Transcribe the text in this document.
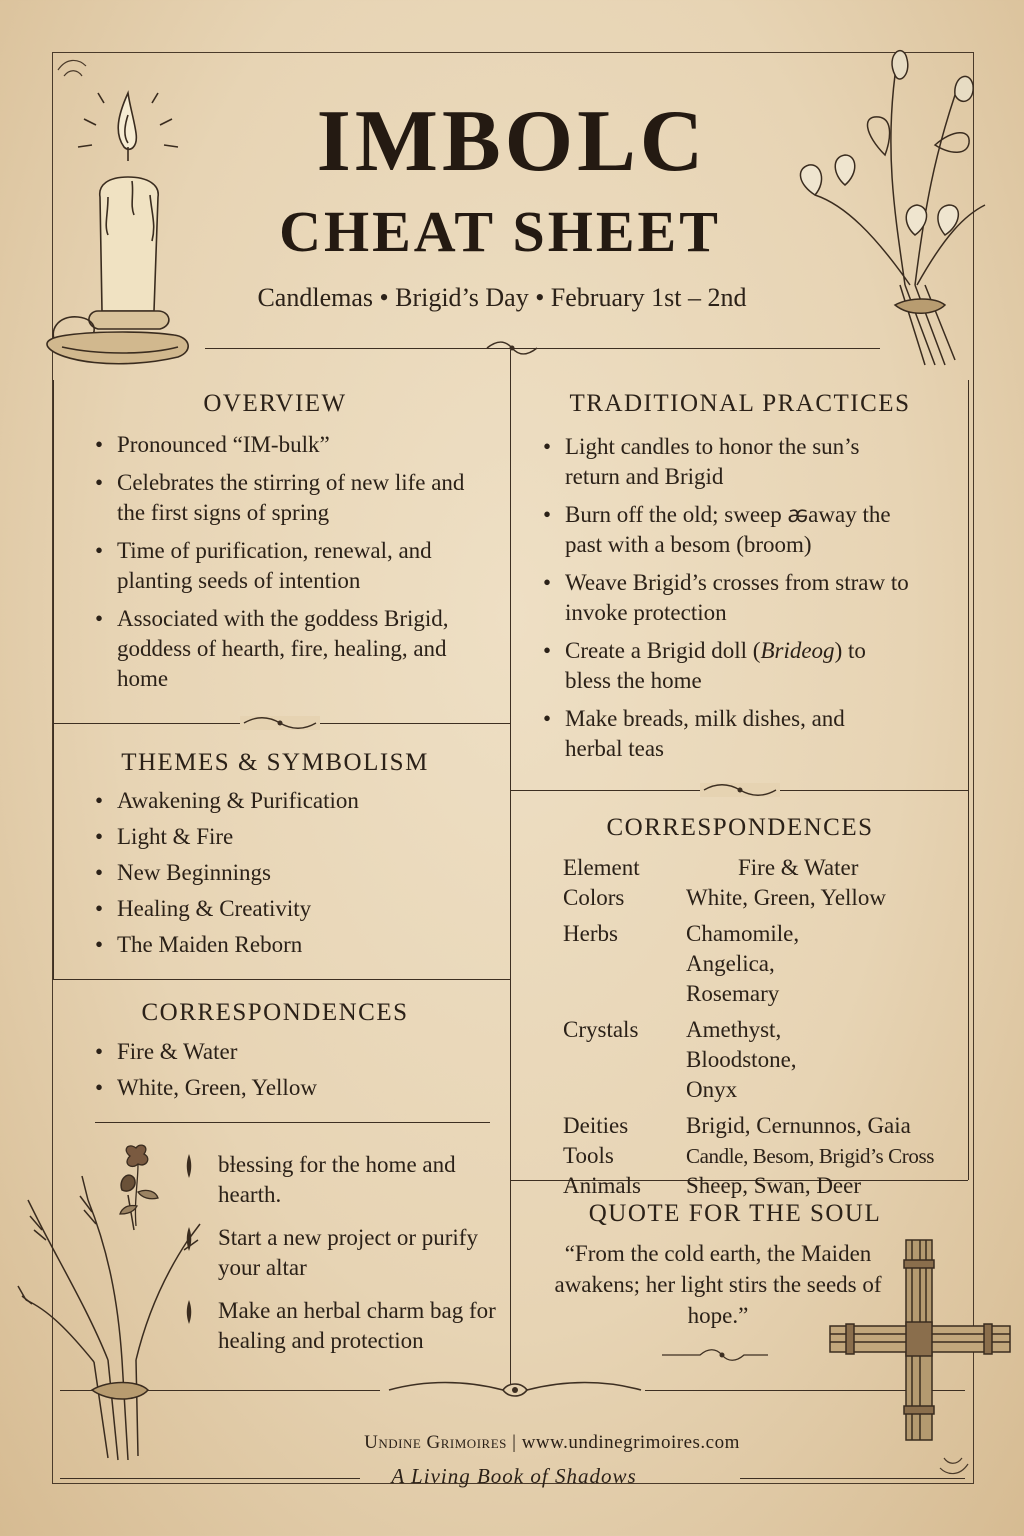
IMBOLC
CHEAT SHEET
Candlemas • Brigid’s Day • February 1st – 2nd
OVERVIEW
• Pronounced “IM-bulk”
• Celebrates the stirring of new life and the first signs of spring
• Time of purification, renewal, and planting seeds of intention
• Associated with the goddess Brigid, goddess of hearth, fire, healing, and home
TRADITIONAL PRACTICES
• Light candles to honor the sun’s return and Brigid
• Burn off the old; sweep ꬱaway the past with a besom (broom)
• Weave Brigid’s crosses from straw to invoke protection
• Create a Brigid doll (Brideog) to bless the home
• Make breads, milk dishes, and herbal teas
THEMES & SYMBOLISM
• Awakening & Purification
• Light & Fire
• New Beginnings
• Healing & Creativity
• The Maiden Reborn
CORRESPONDENCES
• Fire & Water
• White, Green, Yellow
CORRESPONDENCES
Element	Fire & Water
Colors	White, Green, Yellow
Herbs	Chamomile, Angelica, Rosemary
Crystals	Amethyst, Bloodstone, Onyx
Deities	Brigid, Cernunnos, Gaia
Tools	Candle, Besom, Brigid’s Cross
Animals	Sheep, Swan, Deer
bƚessing for the home and hearth.
Start a new project or purify your altar
Make an herbal charm bag for healing and protection
QUOTE FOR THE SOUL
“From the cold earth, the Maiden awakens; her light stirs the seeds of hope.”
Undine Grimoires | www.undinegrimoires.com
A Living Book of Shadows
